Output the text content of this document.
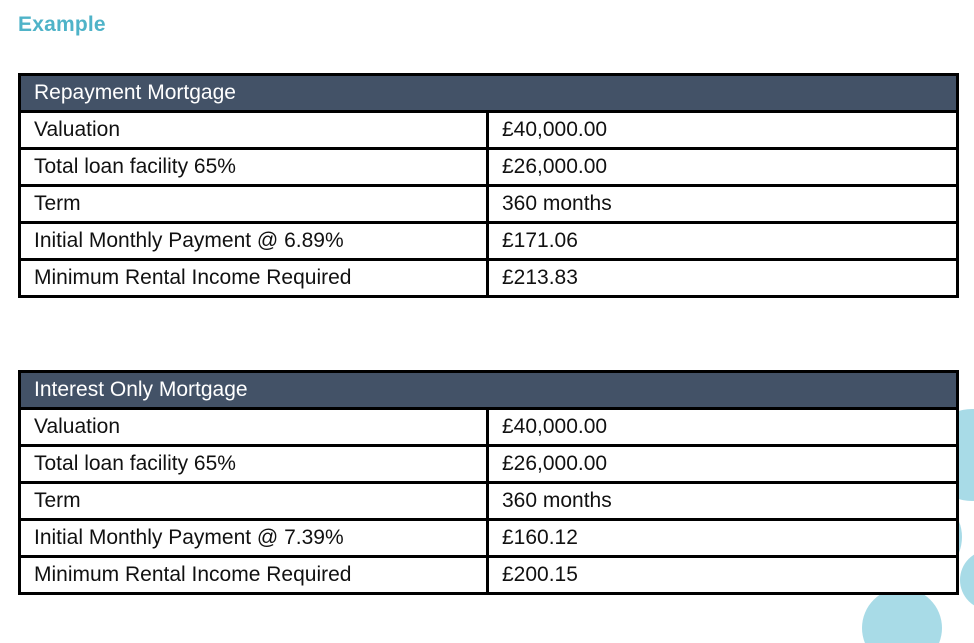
Example
Repayment Mortgage	
Valuation	£40,000.00
Total loan facility 65%	£26,000.00
Term	360 months
Initial Monthly Payment @ 6.89%	£171.06
Minimum Rental Income Required	£213.83
Interest Only Mortgage	
Valuation	£40,000.00
Total loan facility 65%	£26,000.00
Term	360 months
Initial Monthly Payment @ 7.39%	£160.12
Minimum Rental Income Required	£200.15
